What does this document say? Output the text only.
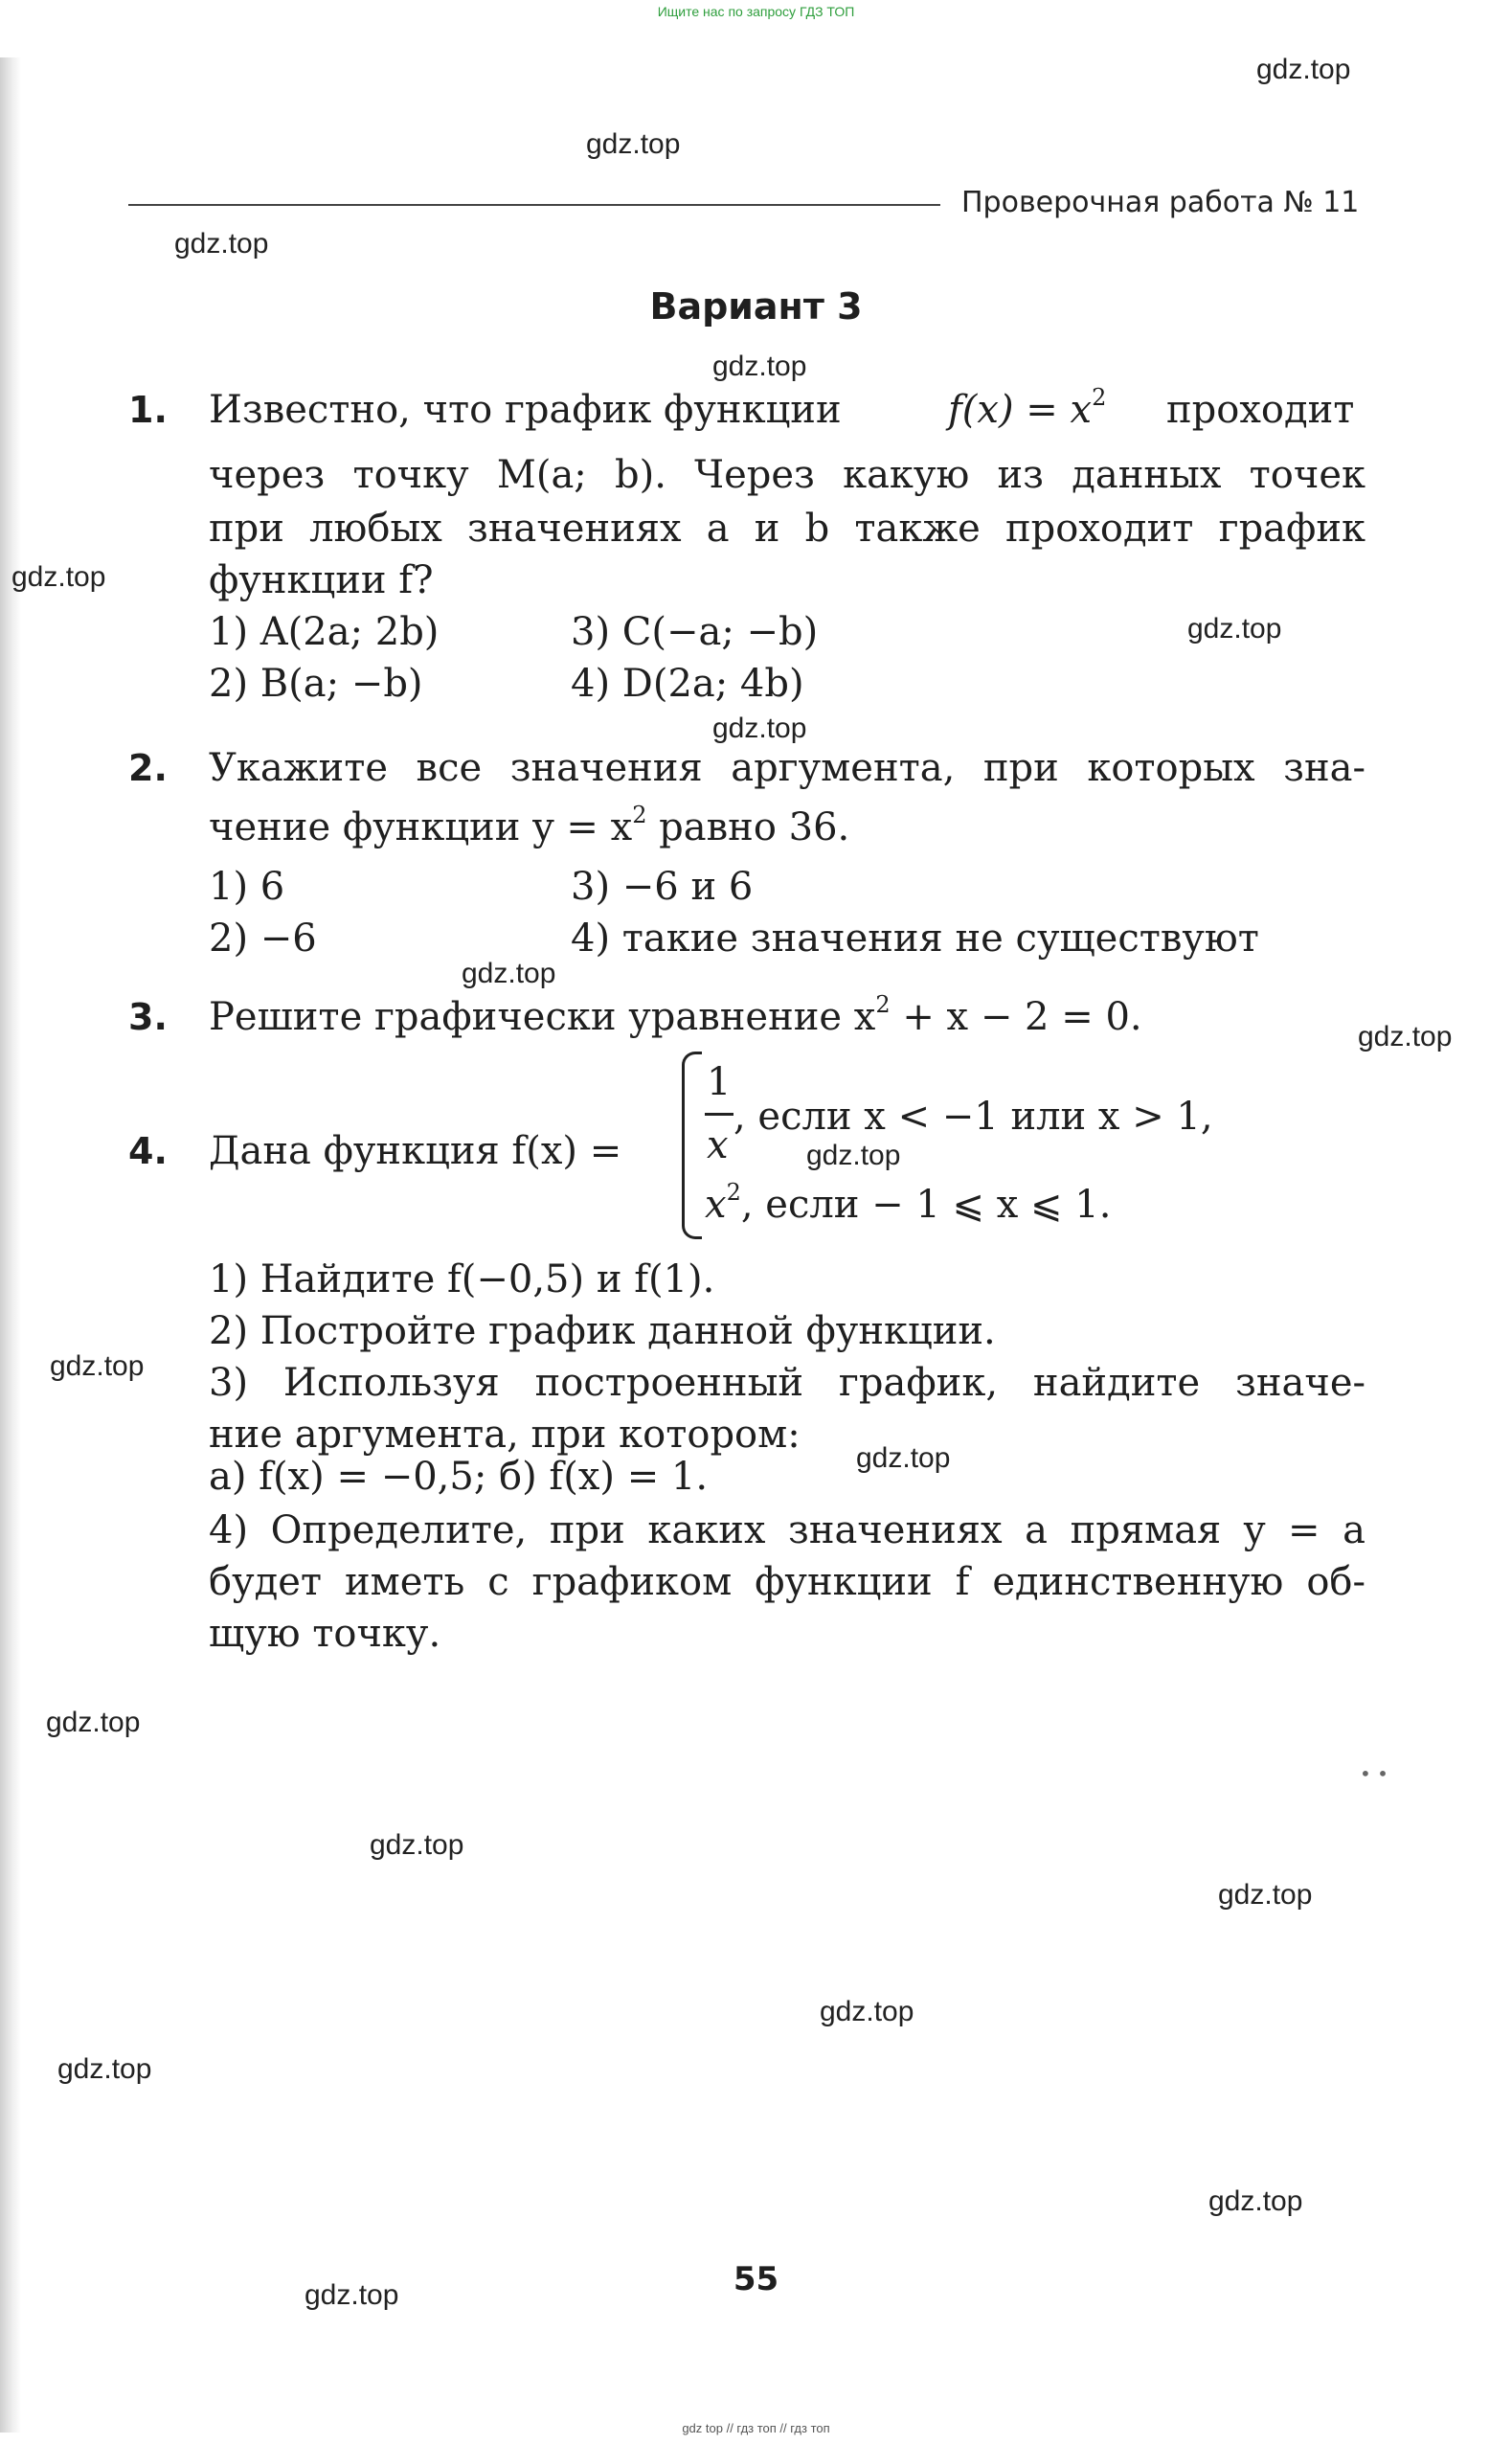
Ищите нас по запросу ГДЗ ТОП
gdz.top
gdz.top
gdz.top
gdz.top
gdz.top
gdz.top
gdz.top
gdz.top
gdz.top
gdz.top
gdz.top
gdz.top
gdz.top
gdz.top
gdz.top
gdz.top
gdz.top
gdz.top
gdz.top
Проверочная работа № 11
Вариант 3
1. Известно, что график функции	$f(x) = x^2$ проходит
через точку M(a; b). Через какую из данных точек
при любых значениях a и b также проходит график
функции f?
1) A(2a; 2b)	3) C(−a; −b)
2) B(a; −b)	4) D(2a; 4b)
2. Укажите все значения аргумента, при которых зна-
чение функции $y = x^2$ равно 36.
1) 6	3) −6 и 6
2) −6	4) такие значения не существуют
3. Решите графически уравнение $x^2 + x - 2 = 0$.
4. Дана функция f(x) =
1
x
, если x < −1 или x > 1,
$x^2$, если − 1 ⩽ x ⩽ 1.
1) Найдите f(−0,5) и f(1).
2) Постройте график данной функции.
3) Используя построенный график, найдите значе-
ние аргумента, при котором:
а) f(x) = −0,5; б) f(x) = 1.
4) Определите, при каких значениях a прямая y = a
будет иметь с графиком функции f единственную об-
щую точку.
• •
55
gdz top // гдз топ // гдз топ
